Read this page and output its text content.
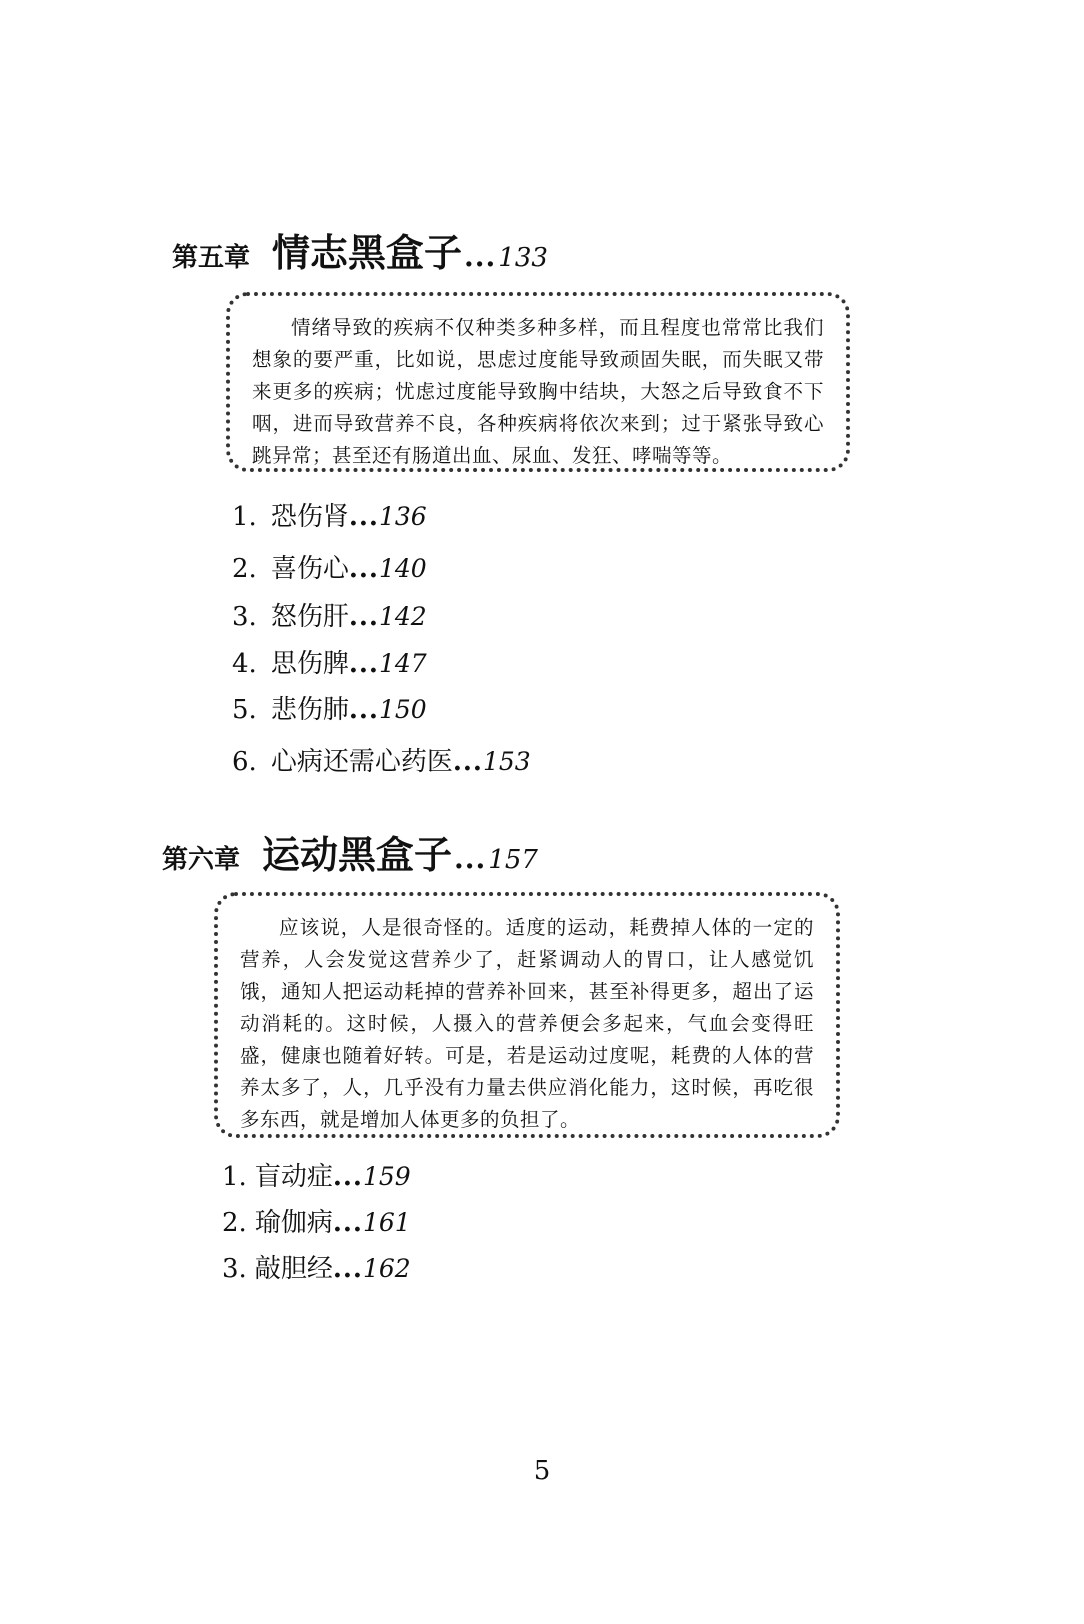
第五章 情志黑盒子 ... 133

情绪导致的疾病不仅种类多种多样，而且程度也常常比我们想象的要严重，比如说，思虑过度能导致顽固失眠，而失眠又带来更多的疾病；忧虑过度能导致胸中结块，大怒之后导致食不下咽，进而导致营养不良，各种疾病将依次来到；过于紧张导致心跳异常；甚至还有肠道出血、尿血、发狂、哮喘等等。

1. 恐伤肾 ... 136
2. 喜伤心 ... 140
3. 怒伤肝 ... 142
4. 思伤脾 ... 147
5. 悲伤肺 ... 150
6. 心病还需心药医 ... 153
第六章 运动黑盒子 ... 157

应该说，人是很奇怪的。适度的运动，耗费掉人体的一定的营养，人会发觉这营养少了，赶紧调动人的胃口，让人感觉饥饿，通知人把运动耗掉的营养补回来，甚至补得更多，超出了运动消耗的。这时候，人摄入的营养便会多起来，气血会变得旺盛，健康也随着好转。可是，若是运动过度呢，耗费的人体的营养太多了，人，几乎没有力量去供应消化能力，这时候，再吃很多东西，就是增加人体更多的负担了。

1. 盲动症 ... 159
2. 瑜伽病 ... 161
3. 敲胆经 ... 162
5
